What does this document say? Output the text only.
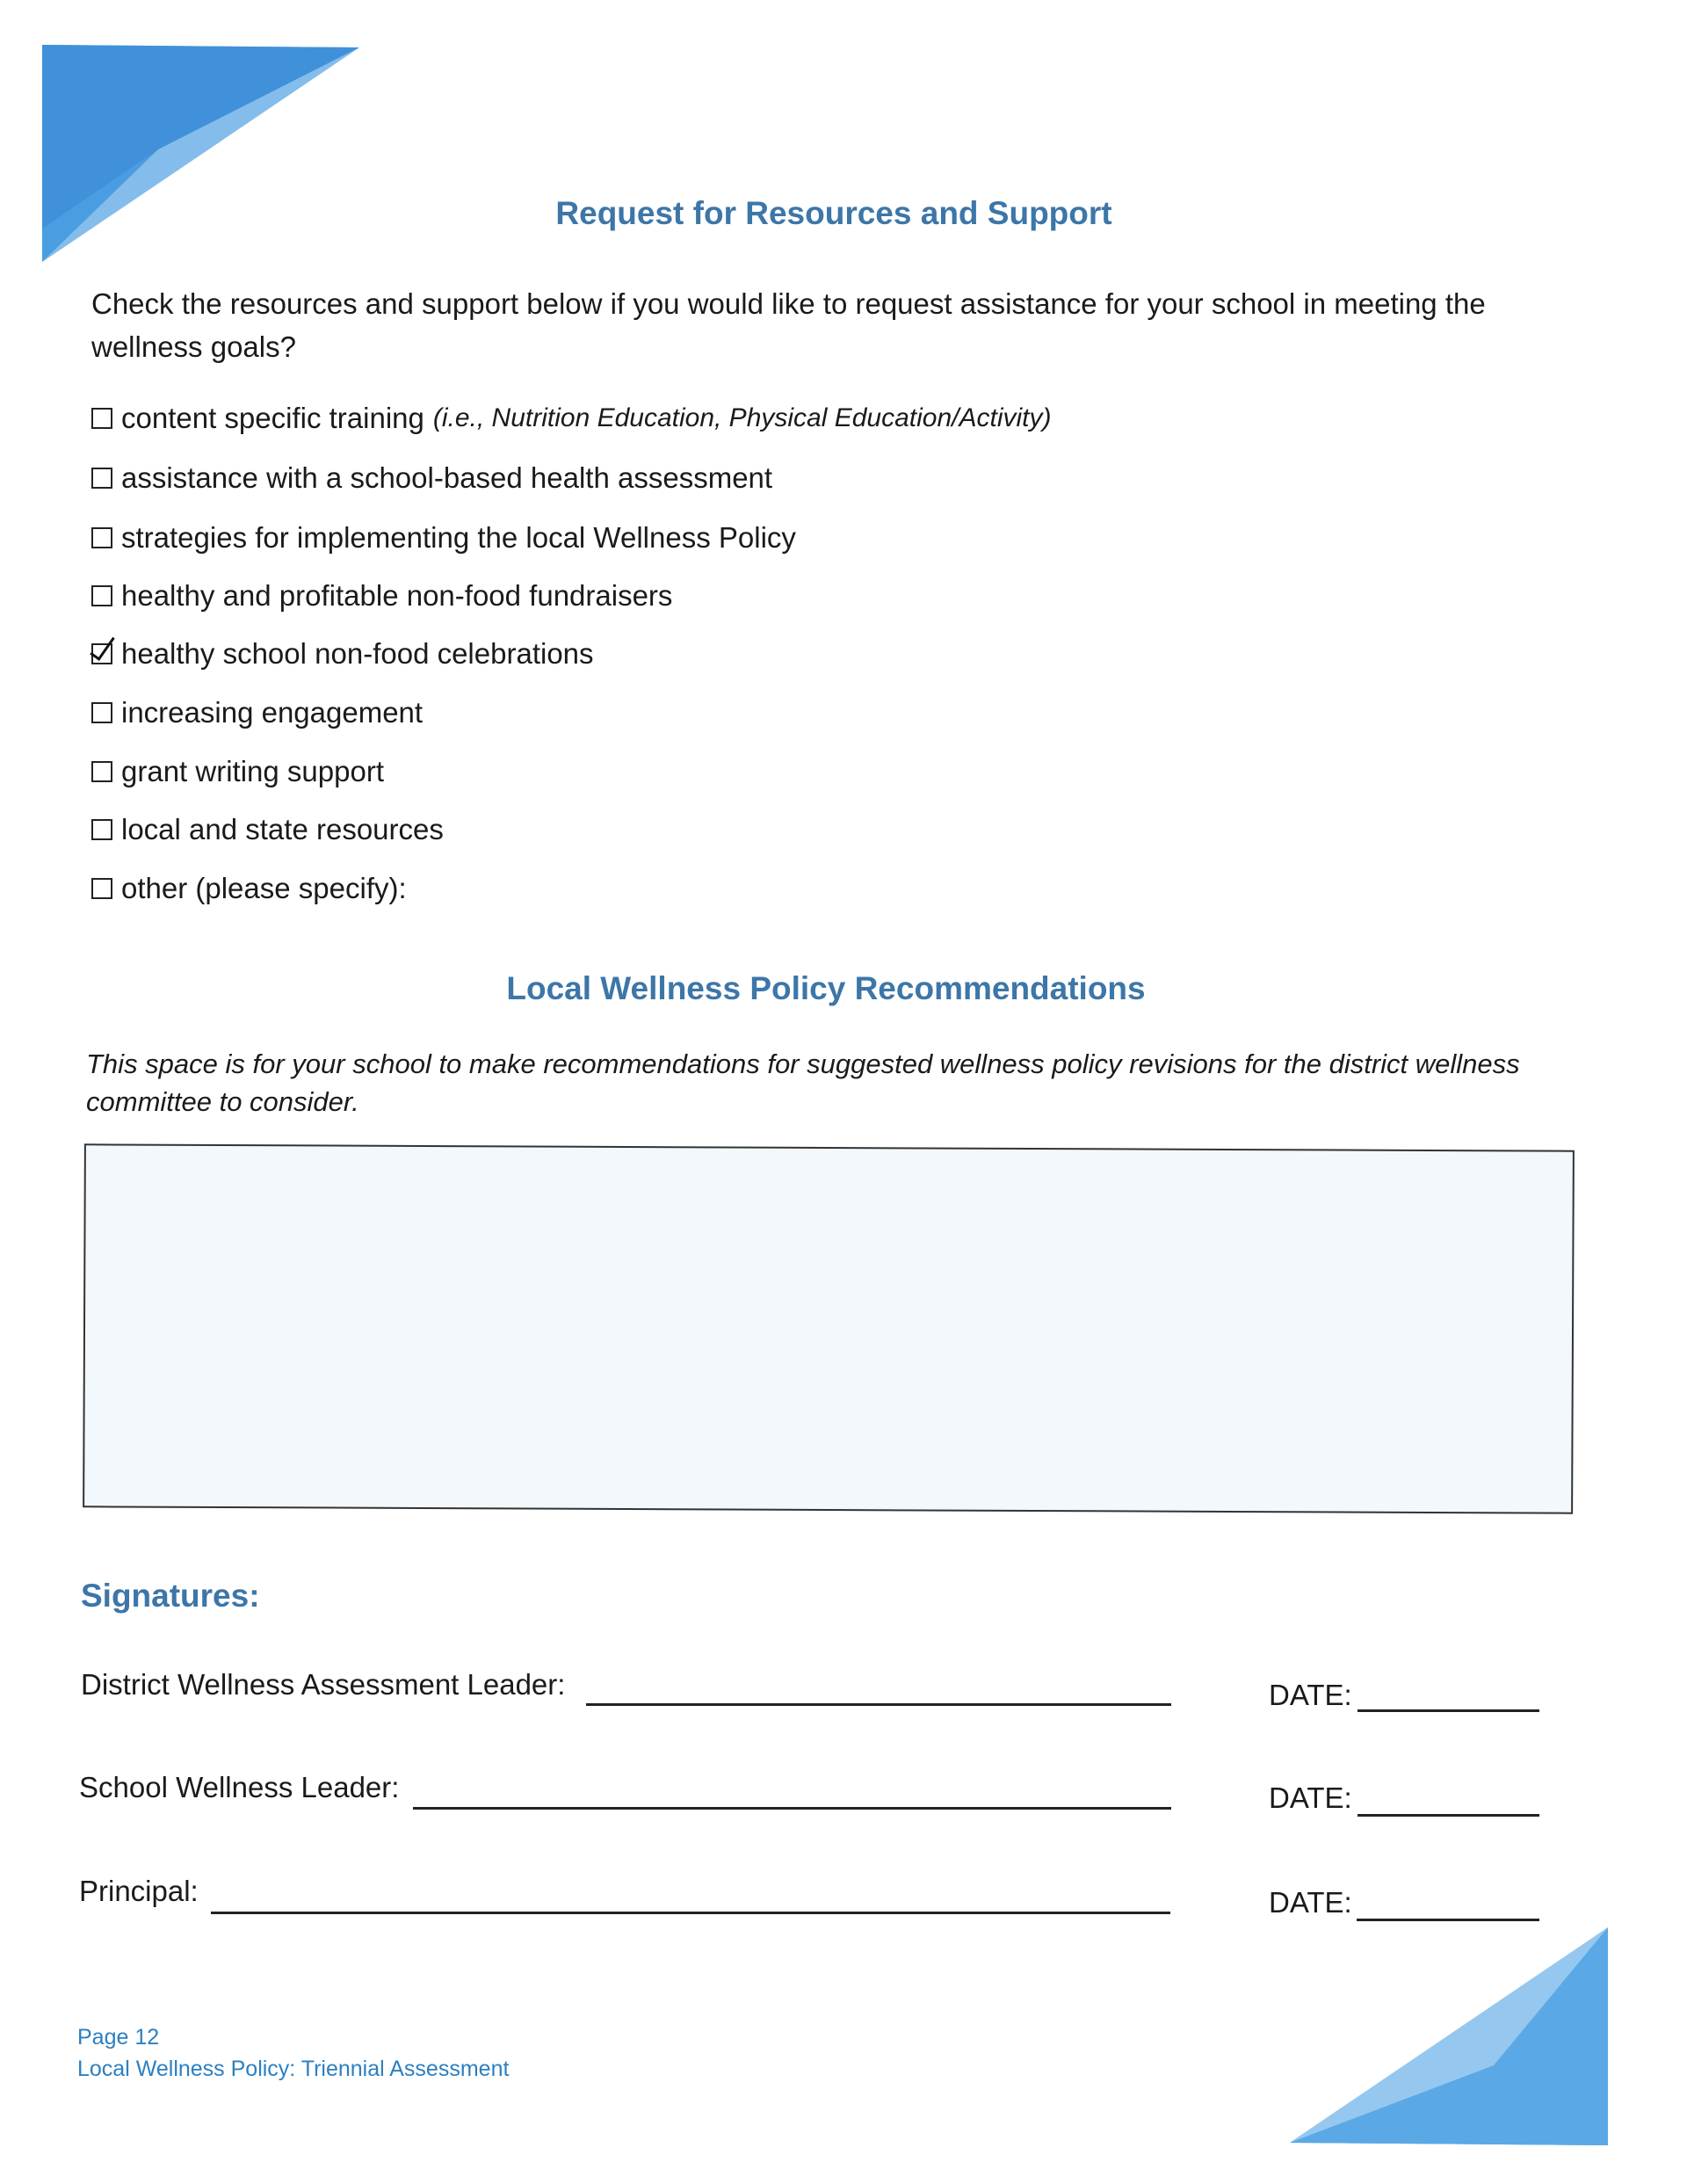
Request for Resources and Support
Check the resources and support below if you would like to request assistance for your school in meeting the
wellness goals?
content specific training (i.e., Nutrition Education, Physical Education/Activity)
assistance with a school-based health assessment
strategies for implementing the local Wellness Policy
healthy and profitable non-food fundraisers
healthy school non-food celebrations
increasing engagement
grant writing support
local and state resources
other (please specify):
Local Wellness Policy Recommendations
This space is for your school to make recommendations for suggested wellness policy revisions for the district wellness
committee to consider.
Signatures:
District Wellness Assessment Leader:	DATE:
School Wellness Leader:	DATE:
Principal:	DATE:
Page 12
Local Wellness Policy: Triennial Assessment
